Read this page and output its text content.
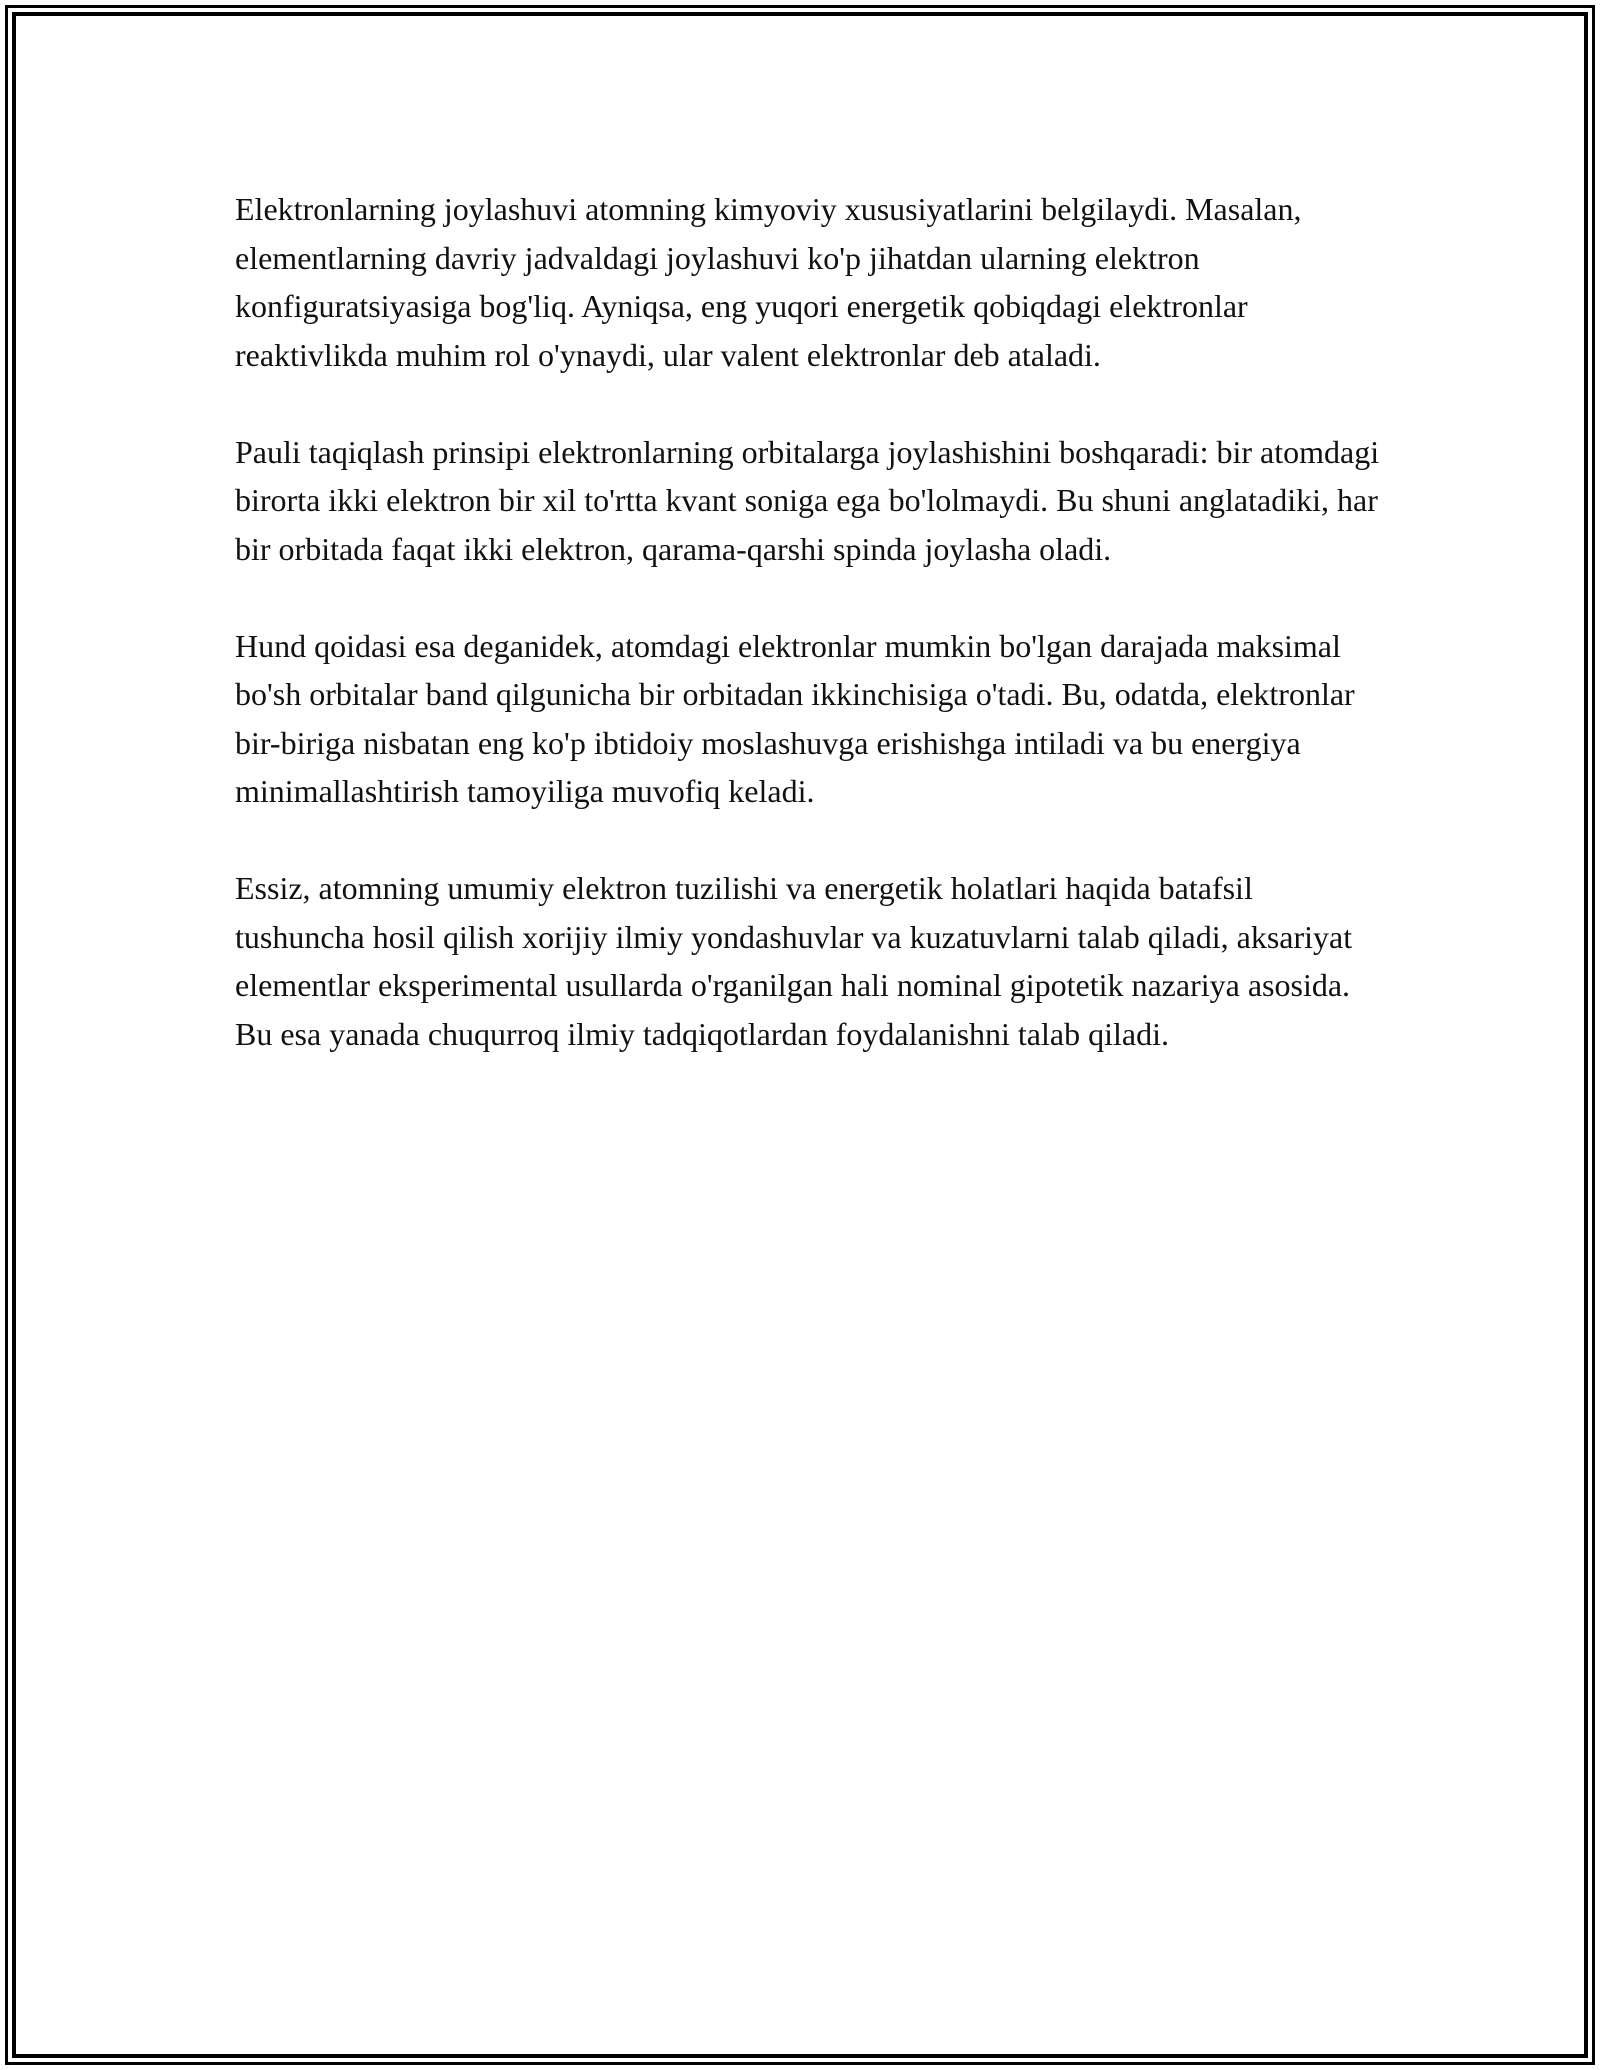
Elektronlarning joylashuvi atomning kimyoviy xususiyatlarini belgilaydi. Masalan, elementlarning davriy jadvaldagi joylashuvi ko'p jihatdan ularning elektron konfiguratsiyasiga bog'liq. Ayniqsa, eng yuqori energetik qobiqdagi elektronlar reaktivlikda muhim rol o'ynaydi, ular valent elektronlar deb ataladi.

Pauli taqiqlash prinsipi elektronlarning orbitalarga joylashishini boshqaradi: bir atomdagi birorta ikki elektron bir xil to'rtta kvant soniga ega bo'lolmaydi. Bu shuni anglatadiki, har bir orbitada faqat ikki elektron, qarama-qarshi spinda joylasha oladi.

Hund qoidasi esa deganidek, atomdagi elektronlar mumkin bo'lgan darajada maksimal bo'sh orbitalar band qilgunicha bir orbitadan ikkinchisiga o'tadi. Bu, odatda, elektronlar bir-biriga nisbatan eng ko'p ibtidoiy moslashuvga erishishga intiladi va bu energiya minimallashtirish tamoyiliga muvofiq keladi.

Essiz, atomning umumiy elektron tuzilishi va energetik holatlari haqida batafsil tushuncha hosil qilish xorijiy ilmiy yondashuvlar va kuzatuvlarni talab qiladi, aksariyat elementlar eksperimental usullarda o'rganilgan hali nominal gipotetik nazariya asosida. Bu esa yanada chuqurroq ilmiy tadqiqotlardan foydalanishni talab qiladi.
